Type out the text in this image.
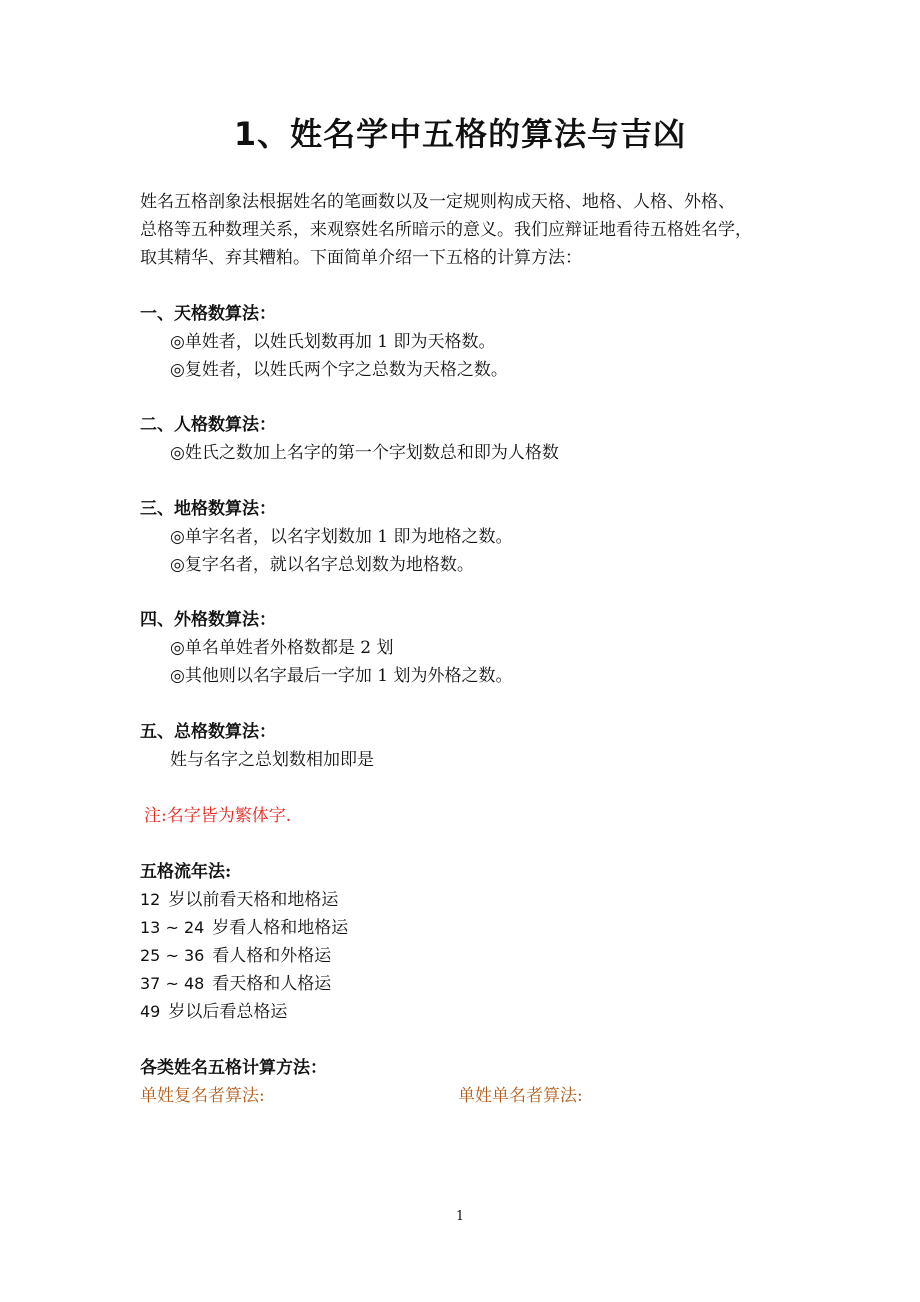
1、姓名学中五格的算法与吉凶
姓名五格剖象法根据姓名的笔画数以及一定规则构成天格、地格、人格、外格、
总格等五种数理关系，来观察姓名所暗示的意义。我们应辩证地看待五格姓名学，
取其精华、弃其糟粕。下面简单介绍一下五格的计算方法：
一、天格数算法：
◎单姓者，以姓氏划数再加 1 即为天格数。
◎复姓者，以姓氏两个字之总数为天格之数。
二、人格数算法：
◎姓氏之数加上名字的第一个字划数总和即为人格数
三、地格数算法：
◎单字名者，以名字划数加 1 即为地格之数。
◎复字名者，就以名字总划数为地格数。
四、外格数算法：
◎单名单姓者外格数都是 2 划
◎其他则以名字最后一字加 1 划为外格之数。
五、总格数算法：
姓与名字之总划数相加即是
注:名字皆为繁体字.
五格流年法:
12 岁以前看天格和地格运
13 ~ 24 岁看人格和地格运
25 ~ 36 看人格和外格运
37 ~ 48 看天格和人格运
49 岁以后看总格运
各类姓名五格计算方法：
单姓复名者算法:	单姓单名者算法:
1
